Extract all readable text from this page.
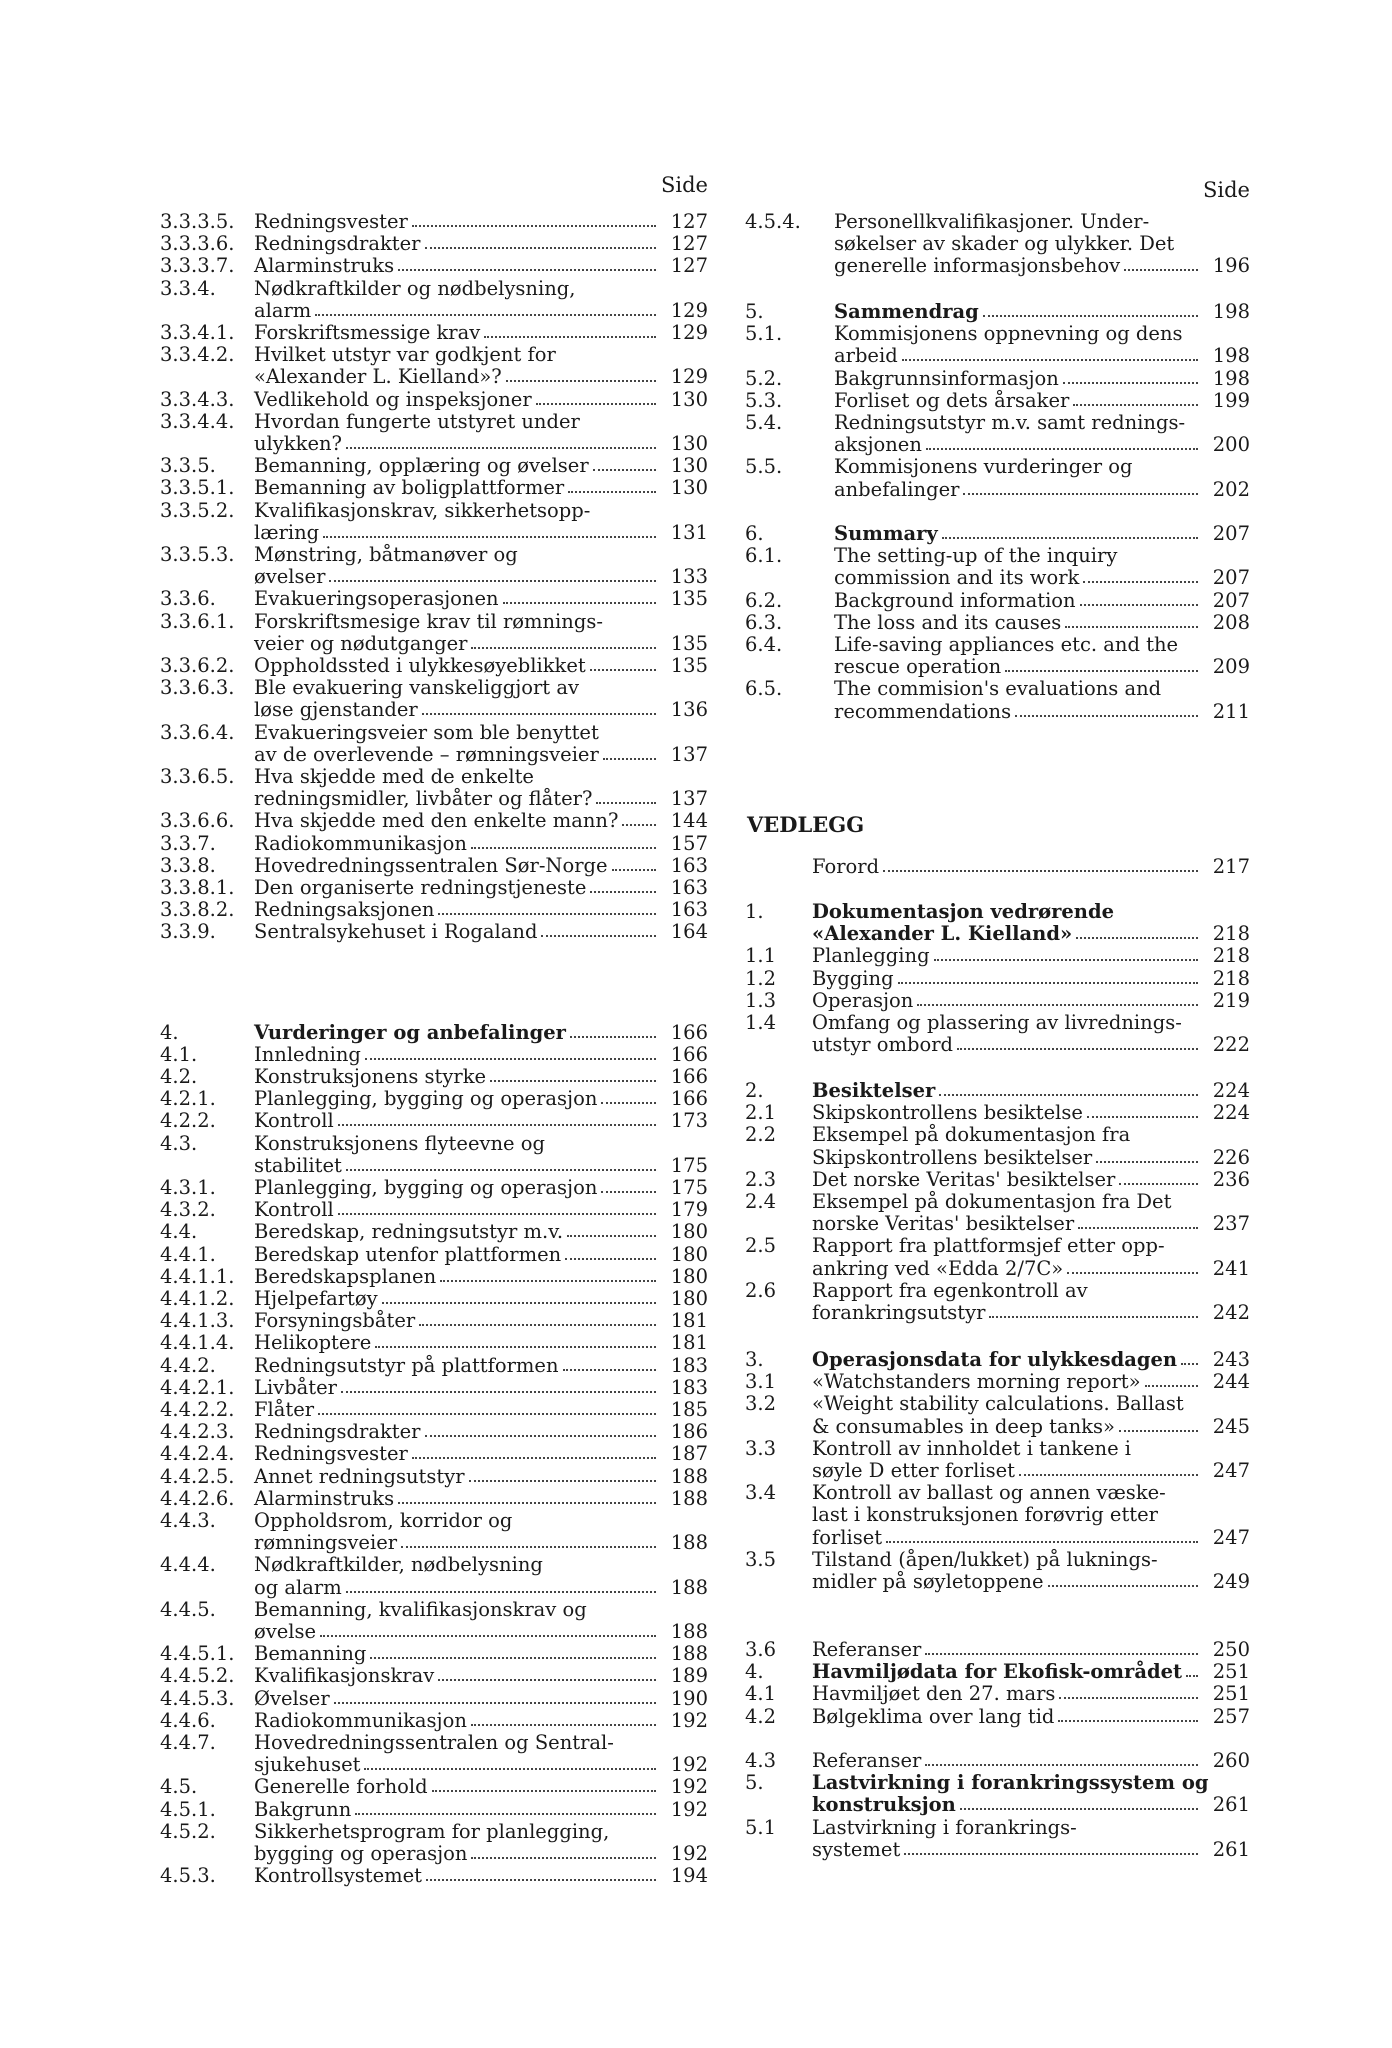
Side
3.3.3.5. Redningsvester	127
3.3.3.6. Redningsdrakter	127
3.3.3.7. Alarminstruks	127
3.3.4. Nødkraftkilder og nødbelysning,
alarm	129
3.3.4.1. Forskriftsmessige krav	129
3.3.4.2. Hvilket utstyr var godkjent for
«Alexander L. Kielland»?	129
3.3.4.3. Vedlikehold og inspeksjoner	130
3.3.4.4. Hvordan fungerte utstyret under
ulykken?	130
3.3.5. Bemanning, opplæring og øvelser	130
3.3.5.1. Bemanning av boligplattformer	130
3.3.5.2. Kvalifikasjonskrav, sikkerhetsopp-
læring	131
3.3.5.3. Mønstring, båtmanøver og
øvelser	133
3.3.6. Evakueringsoperasjonen	135
3.3.6.1. Forskriftsmesige krav til rømnings-
veier og nødutganger	135
3.3.6.2. Oppholdssted i ulykkesøyeblikket	135
3.3.6.3. Ble evakuering vanskeliggjort av
løse gjenstander	136
3.3.6.4. Evakueringsveier som ble benyttet
av de overlevende – rømningsveier	137
3.3.6.5. Hva skjedde med de enkelte
redningsmidler, livbåter og flåter?	137
3.3.6.6. Hva skjedde med den enkelte mann?	144
3.3.7. Radiokommunikasjon	157
3.3.8. Hovedredningssentralen Sør-Norge	163
3.3.8.1. Den organiserte redningstjeneste	163
3.3.8.2. Redningsaksjonen	163
3.3.9. Sentralsykehuset i Rogaland	164
4.	Vurderinger og anbefalinger	166
4.1.	Innledning	166
4.2.	Konstruksjonens styrke	166
4.2.1. Planlegging, bygging og operasjon	166
4.2.2. Kontroll	173
4.3.	Konstruksjonens flyteevne og
stabilitet	175
4.3.1. Planlegging, bygging og operasjon	175
4.3.2. Kontroll	179
4.4.	Beredskap, redningsutstyr m.v.	180
4.4.1. Beredskap utenfor plattformen	180
4.4.1.1. Beredskapsplanen	180
4.4.1.2. Hjelpefartøy	180
4.4.1.3. Forsyningsbåter	181
4.4.1.4. Helikoptere	181
4.4.2. Redningsutstyr på plattformen	183
4.4.2.1. Livbåter	183
4.4.2.2. Flåter	185
4.4.2.3. Redningsdrakter	186
4.4.2.4. Redningsvester	187
4.4.2.5. Annet redningsutstyr	188
4.4.2.6. Alarminstruks	188
4.4.3. Oppholdsrom, korridor og
rømningsveier	188
4.4.4. Nødkraftkilder, nødbelysning
og alarm	188
4.4.5. Bemanning, kvalifikasjonskrav og
øvelse	188
4.4.5.1. Bemanning	188
4.4.5.2. Kvalifikasjonskrav	189
4.4.5.3. Øvelser	190
4.4.6. Radiokommunikasjon	192
4.4.7. Hovedredningssentralen og Sentral-
sjukehuset	192
4.5.	Generelle forhold	192
4.5.1. Bakgrunn	192
4.5.2. Sikkerhetsprogram for planlegging,
bygging og operasjon	192
4.5.3. Kontrollsystemet	194
Side
VEDLEGG
4.5.4. Personellkvalifikasjoner. Under-
søkelser av skader og ulykker. Det
generelle informasjonsbehov	196
5.	Sammendrag	198
5.1.	Kommisjonens oppnevning og dens
arbeid	198
5.2.	Bakgrunnsinformasjon	198
5.3.	Forliset og dets årsaker	199
5.4.	Redningsutstyr m.v. samt rednings-
aksjonen	200
5.5.	Kommisjonens vurderinger og
anbefalinger	202
6.	Summary	207
6.1.	The setting-up of the inquiry
commission and its work	207
6.2.	Background information	207
6.3.	The loss and its causes	208
6.4.	Life-saving appliances etc. and the
rescue operation	209
6.5.	The commision's evaluations and
recommendations	211
Forord	217
1. Dokumentasjon vedrørende
«Alexander L. Kielland»	218
1.1 Planlegging	218
1.2 Bygging	218
1.3 Operasjon	219
1.4 Omfang og plassering av livrednings-
utstyr ombord	222
2. Besiktelser	224
2.1 Skipskontrollens besiktelse	224
2.2 Eksempel på dokumentasjon fra
Skipskontrollens besiktelser	226
2.3 Det norske Veritas' besiktelser	236
2.4 Eksempel på dokumentasjon fra Det
norske Veritas' besiktelser	237
2.5 Rapport fra plattformsjef etter opp-
ankring ved «Edda 2/7C»	241
2.6 Rapport fra egenkontroll av
forankringsutstyr	242
3. Operasjonsdata for ulykkesdagen	243
3.1 «Watchstanders morning report»	244
3.2 «Weight stability calculations. Ballast
& consumables in deep tanks»	245
3.3 Kontroll av innholdet i tankene i
søyle D etter forliset	247
3.4 Kontroll av ballast og annen væske-
last i konstruksjonen forøvrig etter
forliset	247
3.5 Tilstand (åpen/lukket) på luknings-
midler på søyletoppene	249
3.6 Referanser	250
4. Havmiljødata for Ekofisk-området	251
4.1 Havmiljøet den 27. mars	251
4.2 Bølgeklima over lang tid	257
4.3 Referanser	260
5. Lastvirkning i forankringssystem og
konstruksjon	261
5.1 Lastvirkning i forankrings-
systemet	261
